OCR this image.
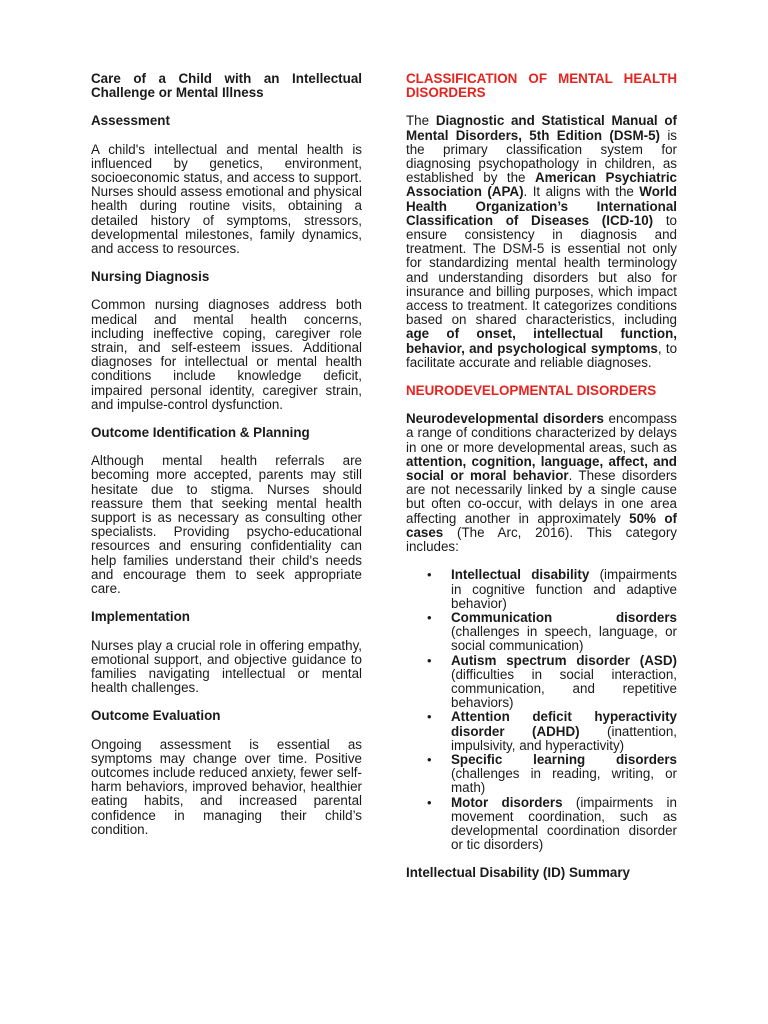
Care of a Child with an Intellectual Challenge or Mental Illness
Assessment

A child's intellectual and mental health is influenced by genetics, environment, socioeconomic status, and access to support. Nurses should assess emotional and physical health during routine visits, obtaining a detailed history of symptoms, stressors, developmental milestones, family dynamics, and access to resources.

Nursing Diagnosis

Common nursing diagnoses address both medical and mental health concerns, including ineffective coping, caregiver role strain, and self-esteem issues. Additional diagnoses for intellectual or mental health conditions include knowledge deficit, impaired personal identity, caregiver strain, and impulse-control dysfunction.

Outcome Identification & Planning

Although mental health referrals are becoming more accepted, parents may still hesitate due to stigma. Nurses should reassure them that seeking mental health support is as necessary as consulting other specialists. Providing psycho-educational resources and ensuring confidentiality can help families understand their child's needs and encourage them to seek appropriate care.

Implementation

Nurses play a crucial role in offering empathy, emotional support, and objective guidance to families navigating intellectual or mental health challenges.

Outcome Evaluation

Ongoing assessment is essential as symptoms may change over time. Positive outcomes include reduced anxiety, fewer self-harm behaviors, improved behavior, healthier eating habits, and increased parental confidence in managing their child’s condition.

CLASSIFICATION OF MENTAL HEALTH DISORDERS

The Diagnostic and Statistical Manual of Mental Disorders, 5th Edition (DSM-5) is the primary classification system for diagnosing psychopathology in children, as established by the American Psychiatric Association (APA). It aligns with the World Health Organization’s International Classification of Diseases (ICD-10) to ensure consistency in diagnosis and treatment. The DSM-5 is essential not only for standardizing mental health terminology and understanding disorders but also for insurance and billing purposes, which impact access to treatment. It categorizes conditions based on shared characteristics, including age of onset, intellectual function, behavior, and psychological symptoms, to facilitate accurate and reliable diagnoses.

NEURODEVELOPMENTAL DISORDERS

Neurodevelopmental disorders encompass a range of conditions characterized by delays in one or more developmental areas, such as attention, cognition, language, affect, and social or moral behavior. These disorders are not necessarily linked by a single cause but often co-occur, with delays in one area affecting another in approximately 50% of cases (The Arc, 2016). This category includes:

• Intellectual disability (impairments in cognitive function and adaptive behavior)
• Communication disorders (challenges in speech, language, or social communication)
• Autism spectrum disorder (ASD) (difficulties in social interaction, communication, and repetitive behaviors)
• Attention deficit hyperactivity disorder (ADHD) (inattention, impulsivity, and hyperactivity)
• Specific learning disorders (challenges in reading, writing, or math)
• Motor disorders (impairments in movement coordination, such as developmental coordination disorder or tic disorders)
Intellectual Disability (ID) Summary
